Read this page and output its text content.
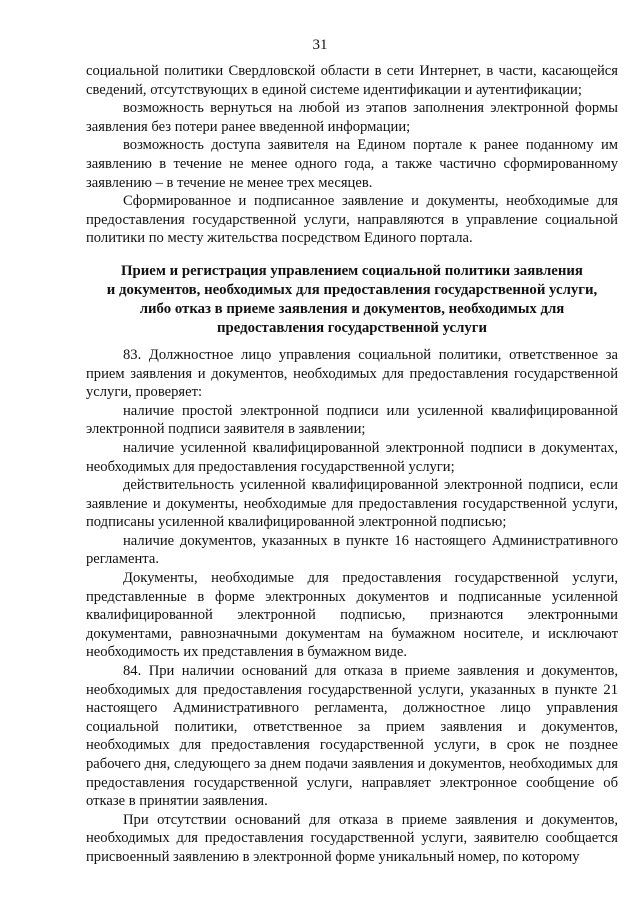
31

социальной политики Свердловской области в сети Интернет, в части, касающейся сведений, отсутствующих в единой системе идентификации и аутентификации;

возможность вернуться на любой из этапов заполнения электронной формы заявления без потери ранее введенной информации;

возможность доступа заявителя на Едином портале к ранее поданному им заявлению в течение не менее одного года, а также частично сформированному заявлению – в течение не менее трех месяцев.

Сформированное и подписанное заявление и документы, необходимые для предоставления государственной услуги, направляются в управление социальной политики по месту жительства посредством Единого портала.

Прием и регистрация управлением социальной политики заявления
и документов, необходимых для предоставления государственной услуги,
либо отказ в приеме заявления и документов, необходимых для
предоставления государственной услуги

83. Должностное лицо управления социальной политики, ответственное за прием заявления и документов, необходимых для предоставления государственной услуги, проверяет:

наличие простой электронной подписи или усиленной квалифицированной электронной подписи заявителя в заявлении;

наличие усиленной квалифицированной электронной подписи в документах, необходимых для предоставления государственной услуги;

действительность усиленной квалифицированной электронной подписи, если заявление и документы, необходимые для предоставления государственной услуги, подписаны усиленной квалифицированной электронной подписью;

наличие документов, указанных в пункте 16 настоящего Административного регламента.

Документы, необходимые для предоставления государственной услуги, представленные в форме электронных документов и подписанные усиленной квалифицированной электронной подписью, признаются электронными документами, равнозначными документам на бумажном носителе, и исключают необходимость их представления в бумажном виде.

84. При наличии оснований для отказа в приеме заявления и документов, необходимых для предоставления государственной услуги, указанных в пункте 21 настоящего Административного регламента, должностное лицо управления социальной политики, ответственное за прием заявления и документов, необходимых для предоставления государственной услуги, в срок не позднее рабочего дня, следующего за днем подачи заявления и документов, необходимых для предоставления государственной услуги, направляет электронное сообщение об отказе в принятии заявления.

При отсутствии оснований для отказа в приеме заявления и документов, необходимых для предоставления государственной услуги, заявителю сообщается присвоенный заявлению в электронной форме уникальный номер, по которому
